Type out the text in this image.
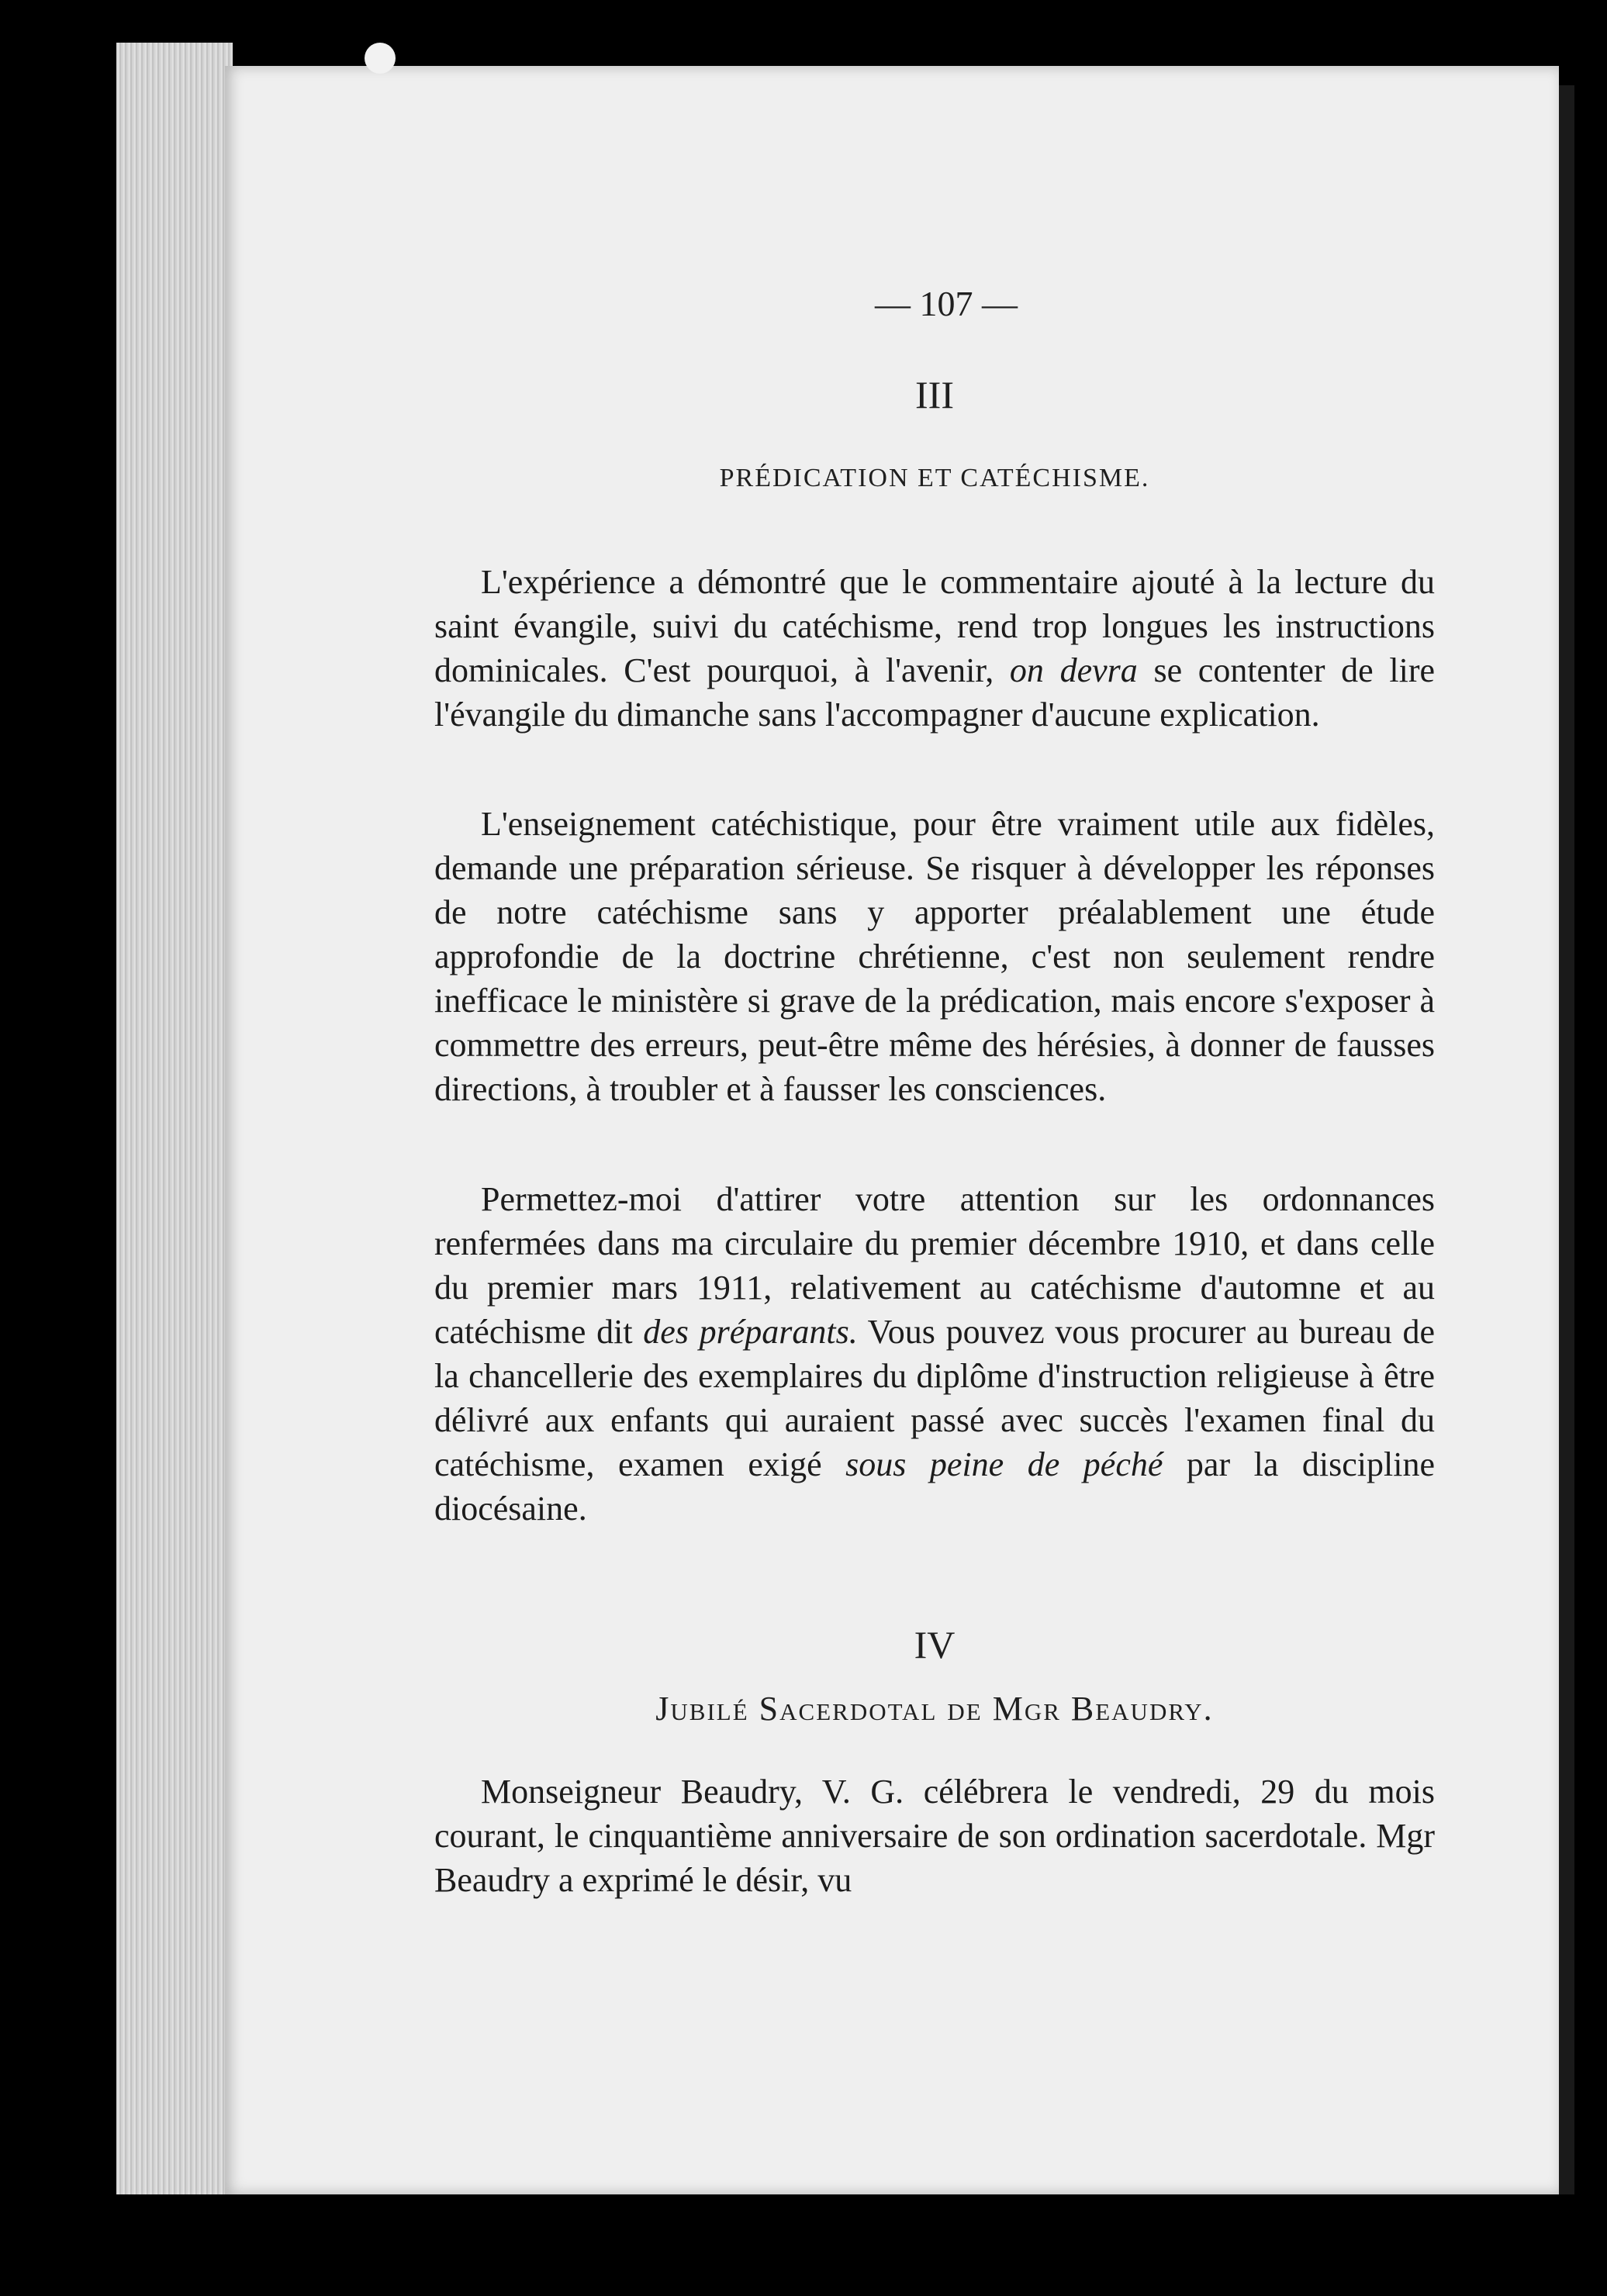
— 107 —
III
PRÉDICATION ET CATÉCHISME.
L'expérience a démontré que le commentaire ajouté à la lecture du saint évangile, suivi du catéchisme, rend trop longues les instructions dominicales. C'est pourquoi, à l'avenir, on devra se contenter de lire l'évangile du dimanche sans l'accompagner d'aucune explication.
L'enseignement catéchistique, pour être vraiment utile aux fidèles, demande une préparation sérieuse. Se risquer à développer les réponses de notre catéchisme sans y apporter préalablement une étude approfondie de la doctrine chrétienne, c'est non seulement rendre inefficace le ministère si grave de la prédication, mais encore s'exposer à commettre des erreurs, peut-être même des hérésies, à donner de fausses directions, à troubler et à fausser les consciences.
Permettez-moi d'attirer votre attention sur les ordonnances renfermées dans ma circulaire du premier décembre 1910, et dans celle du premier mars 1911, relativement au catéchisme d'automne et au catéchisme dit des préparants. Vous pouvez vous procurer au bureau de la chancellerie des exemplaires du diplôme d'instruction religieuse à être délivré aux enfants qui auraient passé avec succès l'examen final du catéchisme, examen exigé sous peine de péché par la discipline diocésaine.
IV
Jubilé Sacerdotal de Mgr Beaudry.
Monseigneur Beaudry, V. G. célébrera le vendredi, 29 du mois courant, le cinquantième anniversaire de son ordination sacerdotale. Mgr Beaudry a exprimé le désir, vu
